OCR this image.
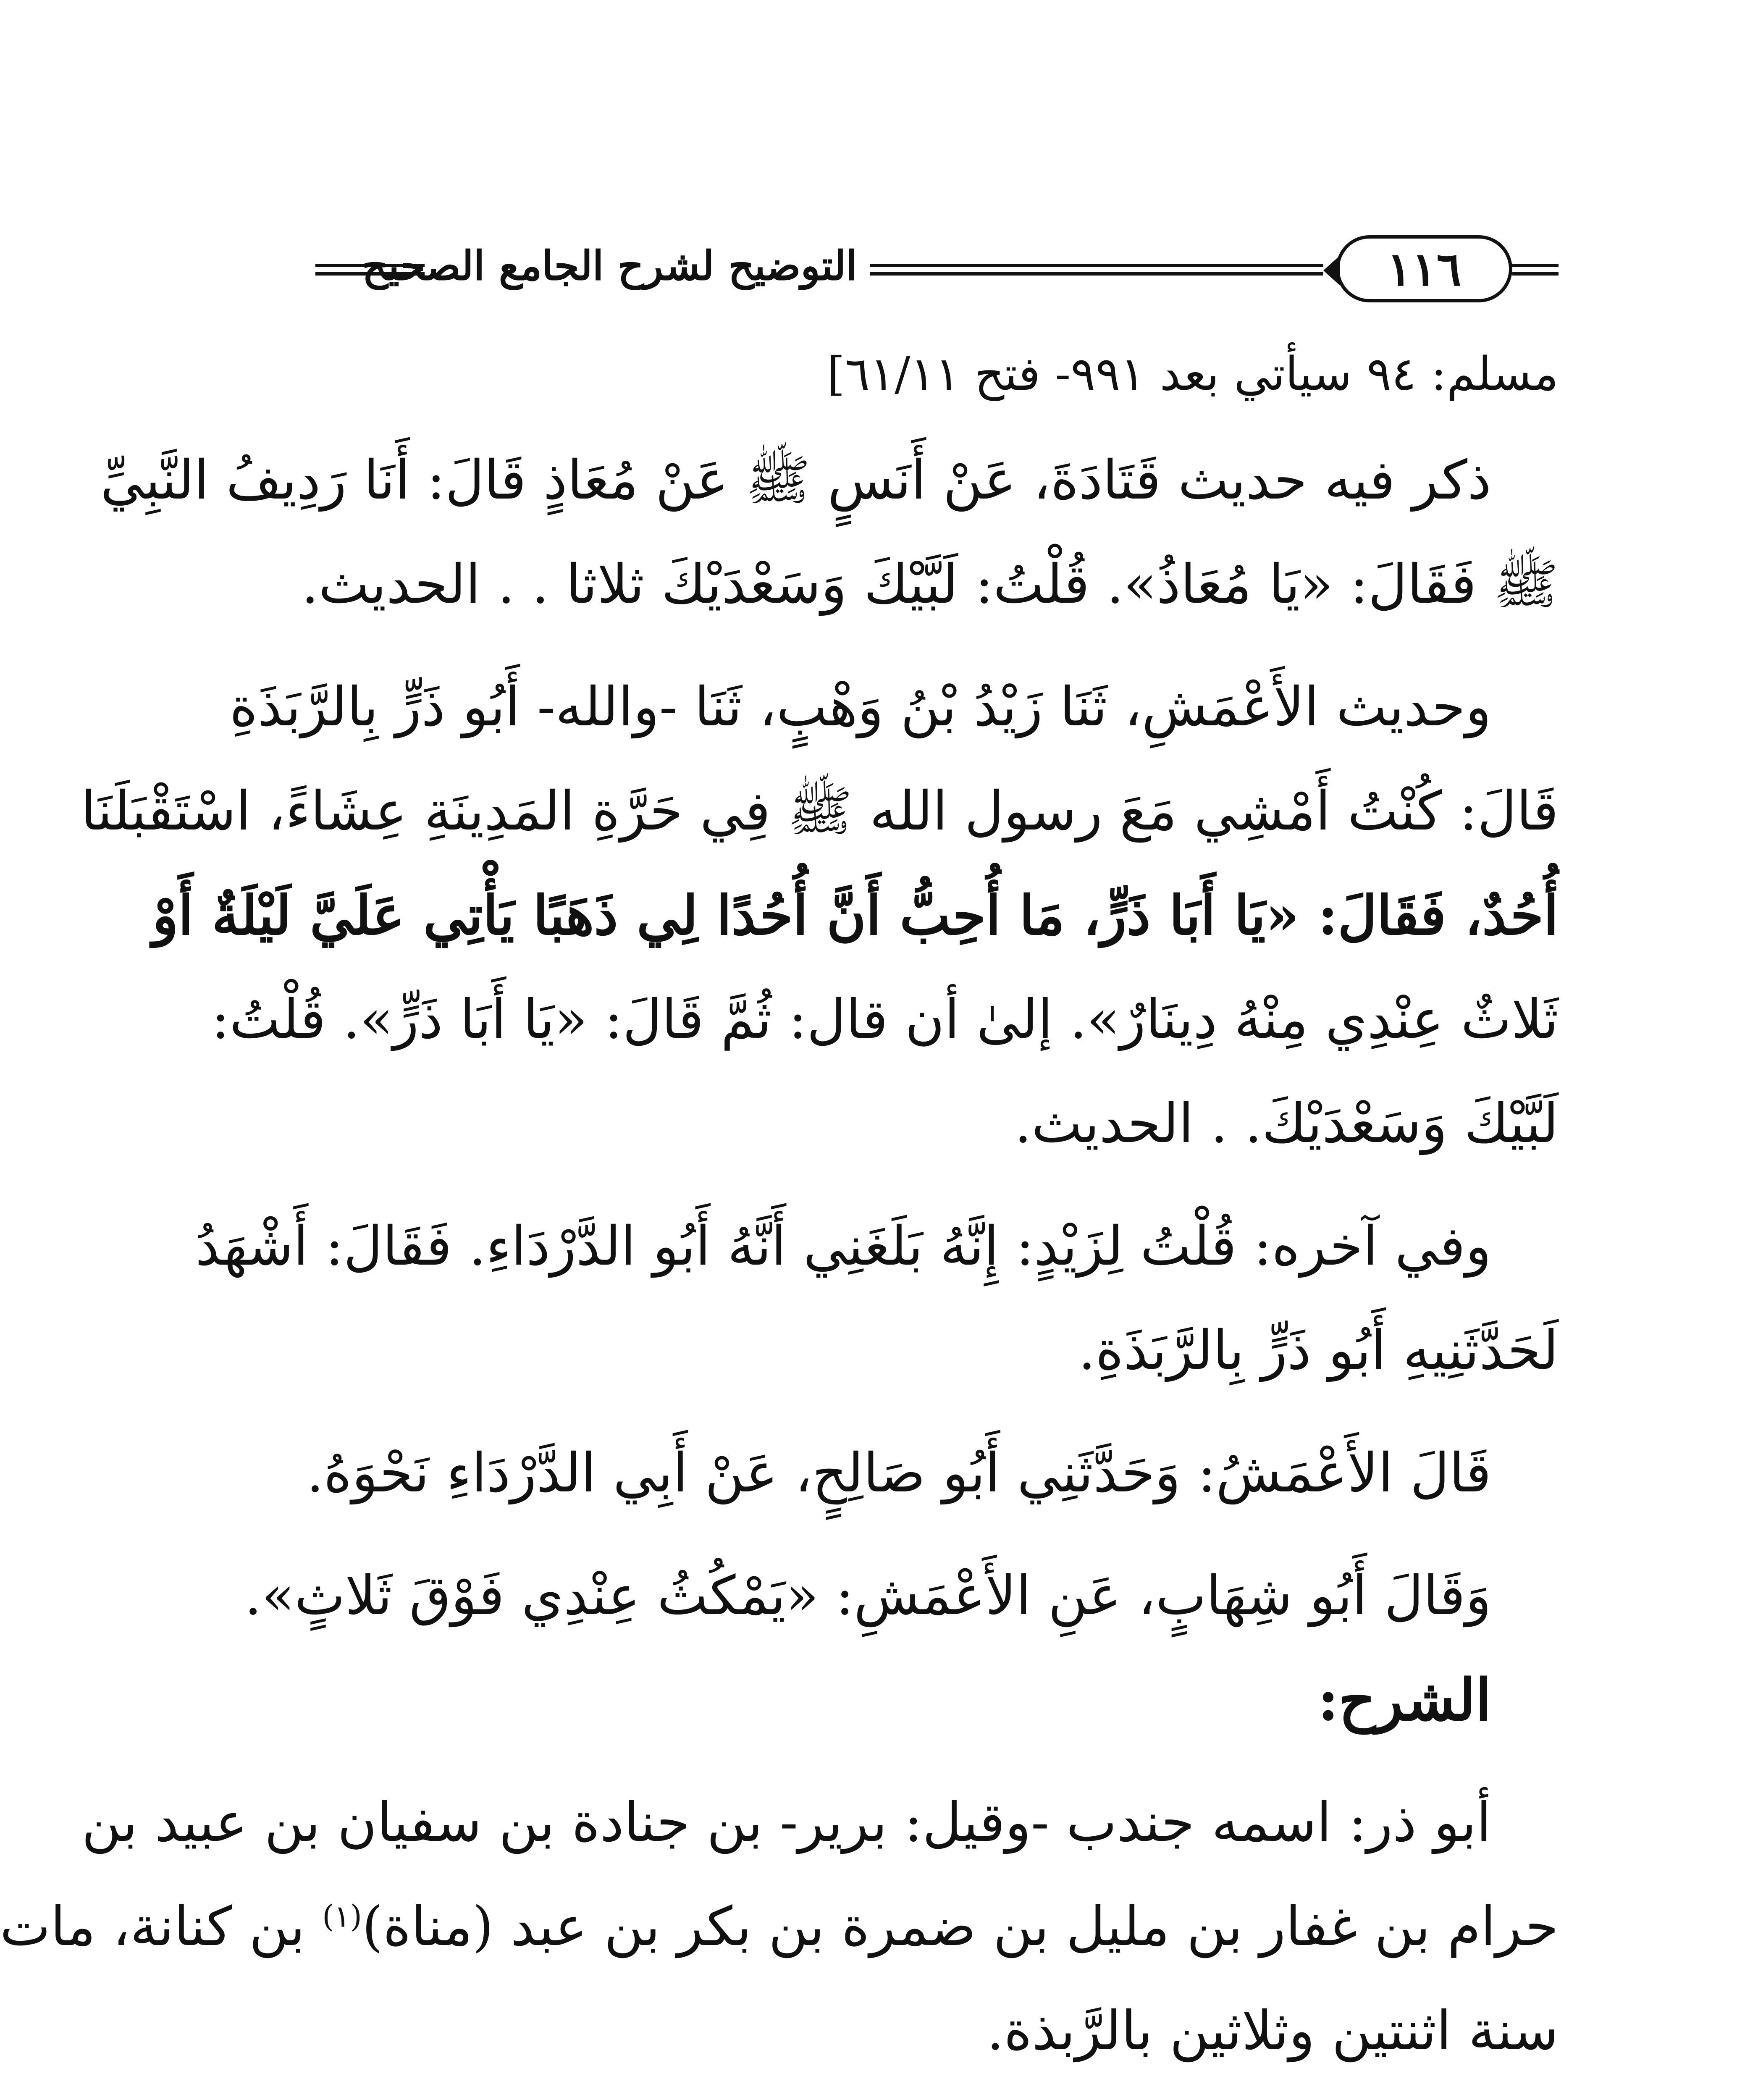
١١٦
التوضيح لشرح الجامع الصحيح
مسلم: ٩٤ سيأتي بعد ٩٩١- فتح ٦١/١١]
ذكر فيه حديث قَتَادَةَ، عَنْ أَنَسٍ ﷺ عَنْ مُعَاذٍ قَالَ: أَنَا رَدِيفُ النَّبِيِّ
ﷺ فَقَالَ: «يَا مُعَاذُ». قُلْتُ: لَبَّيْكَ وَسَعْدَيْكَ ثلاثا . . الحديث.
وحديث الأَعْمَشِ، ثَنَا زَيْدُ بْنُ وَهْبٍ، ثَنَا -والله- أَبُو ذَرٍّ بِالرَّبَذَةِ
قَالَ: كُنْتُ أَمْشِي مَعَ رسول الله ﷺ فِي حَرَّةِ المَدِينَةِ عِشَاءً، اسْتَقْبَلَنَا
أُحُدٌ، فَقَالَ: «يَا أَبَا ذَرٍّ، مَا أُحِبُّ أَنَّ أُحُدًا لِي ذَهَبًا يَأْتِي عَلَيَّ لَيْلَةٌ أَوْ
ثَلاثٌ عِنْدِي مِنْهُ دِينَارٌ». إلىٰ أن قال: ثُمَّ قَالَ: «يَا أَبَا ذَرٍّ». قُلْتُ:
لَبَّيْكَ وَسَعْدَيْكَ. . الحديث.
وفي آخره: قُلْتُ لِزَيْدٍ: إِنَّهُ بَلَغَنِي أَنَّهُ أَبُو الدَّرْدَاءِ. فَقَالَ: أَشْهَدُ
لَحَدَّثَنِيهِ أَبُو ذَرٍّ بِالرَّبَذَةِ.
قَالَ الأَعْمَشُ: وَحَدَّثَنِي أَبُو صَالِحٍ، عَنْ أَبِي الدَّرْدَاءِ نَحْوَهُ.
وَقَالَ أَبُو شِهَابٍ، عَنِ الأَعْمَشِ: «يَمْكُثُ عِنْدِي فَوْقَ ثَلاثٍ».
الشرح:
أبو ذر: اسمه جندب -وقيل: برير- بن جنادة بن سفيان بن عبيد بن
حرام بن غفار بن مليل بن ضمرة بن بكر بن عبد (مناة)$^{(١)}$ بن كنانة، مات
سنة اثنتين وثلاثين بالرَّبذة.
